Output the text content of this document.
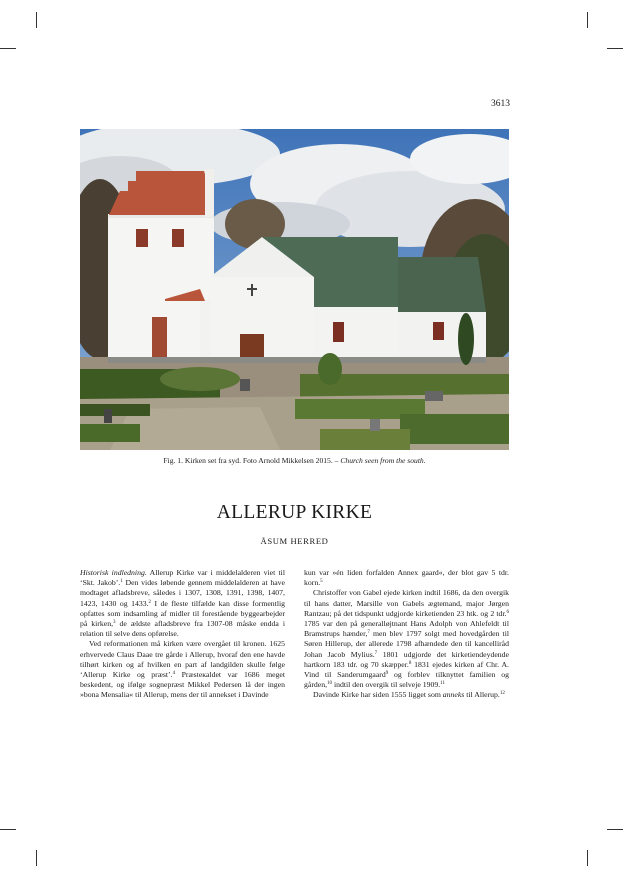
3613
Fig. 1. Kirken set fra syd. Foto Arnold Mikkelsen 2015. – Church seen from the south.
ALLERUP KIRKE
ÅSUM HERRED

Historisk indledning. Allerup Kirke var i middelalderen viet til ‘Skt. Jakob’.$^1$ Den vides løbende gennem middelalderen at have modtaget afladsbreve, således i 1307, 1308, 1391, 1398, 1407, 1423, 1430 og 1433.$^2$ I de fleste tilfælde kan disse formentlig opfattes som indsamling af midler til forestående byggearbejder på kirken,$^3$ de ældste afladsbreve fra 1307-08 måske endda i relation til selve dens opførelse.

Ved reformationen må kirken være overgået til kronen. 1625 erhvervede Claus Daae tre gårde i Allerup, hvoraf den ene havde tilhørt kirken og af hvilken en part af landgilden skulle følge ‘Allerup Kirke og præst’.$^4$ Præsteкaldet var 1686 meget beskedent, og ifølge sognepræst Mikkel Pedersen lå der ingen »bona Mensalia« til Allerup, mens der til annekset i Davinde

kun var »én liden forfalden Annex gaard«, der blot gav 5 tdr. korn.$^5$

Christoffer von Gabel ejede kirken indtil 1686, da den overgik til hans datter, Marsille von Gabels ægtemand, major Jørgen Rantzau; på det tidspunkt udgjorde kirketienden 23 htk. og 2 tdr.$^6$ 1785 var den på generalløjtnant Hans Adolph von Ahlefeldt til Bramstrups hænder,$^7$ men blev 1797 solgt med hovedgården til Søren Hillerup, der allerede 1798 afhændede den til kancelliråd Johan Jacob Mylius.$^7$ 1801 udgjorde det kirketiendeydende hartkorn 183 tdr. og 70 skæpper.$^8$ 1831 ejedes kirken af Chr. A. Vind til Sanderumgaard$^9$ og forblev tilknyttet familien og gården,$^{10}$ indtil den overgik til selveje 1909.11

Davinde Kirke har siden 1555 ligget som anneks til Allerup.$^{12}$
